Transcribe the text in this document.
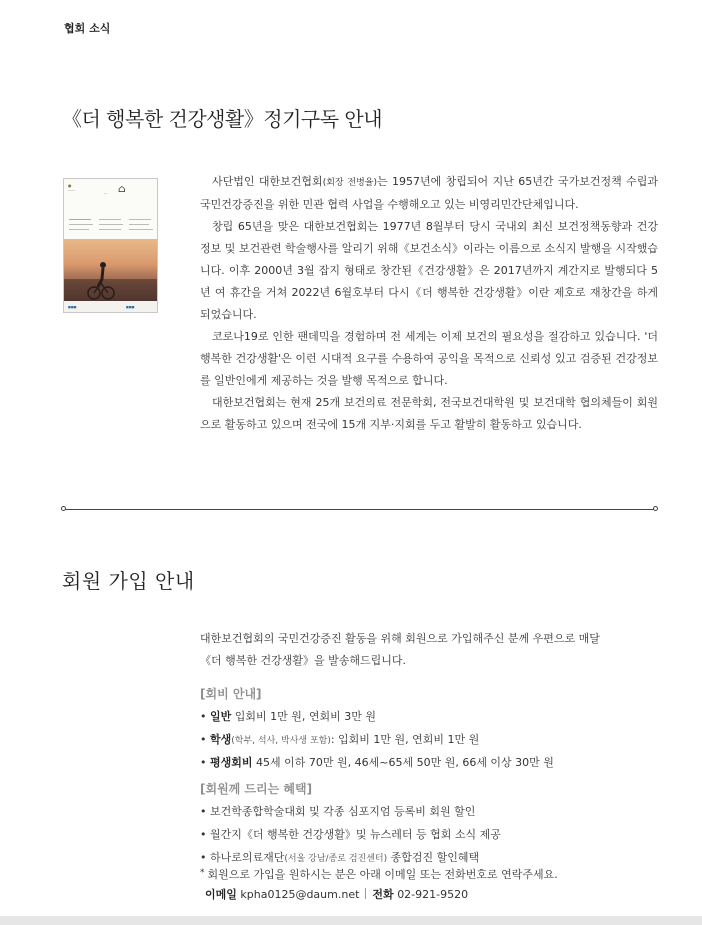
협회 소식
《더 행복한 건강생활》정기구독 안내
●
────	― ⌂
■■■	■■■

사단법인 대한보건협회(회장 전병율)는 1957년에 창립되어 지난 65년간 국가보건정책 수립과 국민건강증진을 위한 민관 협력 사업을 수행해오고 있는 비영리민간단체입니다.

창립 65년을 맞은 대한보건협회는 1977년 8월부터 당시 국내외 최신 보건정책동향과 건강 정보 및 보건관련 학술행사를 알리기 위해《보건소식》이라는 이름으로 소식지 발행을 시작했습니다. 이후 2000년 3월 잡지 형태로 창간된《건강생활》은 2017년까지 계간지로 발행되다 5년 여 휴간을 거쳐 2022년 6월호부터 다시《더 행복한 건강생활》이란 제호로 재창간을 하게 되었습니다.

코로나19로 인한 팬데믹을 경험하며 전 세계는 이제 보건의 필요성을 절감하고 있습니다. '더 행복한 건강생활'은 이런 시대적 요구를 수용하여 공익을 목적으로 신뢰성 있고 검증된 건강정보를 일반인에게 제공하는 것을 발행 목적으로 합니다.

대한보건협회는 현재 25개 보건의료 전문학회, 전국보건대학원 및 보건대학 협의체들이 회원으로 활동하고 있으며 전국에 15개 지부·지회를 두고 활발히 활동하고 있습니다.

회원 가입 안내

대한보건협회의 국민건강증진 활동을 위해 회원으로 가입해주신 분께 우편으로 매달

《더 행복한 건강생활》을 발송해드립니다.

[회비 안내]
• 일반 입회비 1만 원, 연회비 3만 원
• 학생(학부, 석사, 박사생 포함): 입회비 1만 원, 연회비 1만 원
• 평생회비 45세 이하 70만 원, 46세~65세 50만 원, 66세 이상 30만 원
[회원께 드리는 혜택]
• 보건학종합학술대회 및 각종 심포지엄 등록비 회원 할인
• 월간지《더 행복한 건강생활》및 뉴스레터 등 협회 소식 제공
• 하나로의료재단(서울 강남/종로 검진센터) 종합검진 할인혜택
* 회원으로 가입을 원하시는 분은 아래 이메일 또는 전화번호로 연락주세요.
이메일 kpha0125@daum.net 전화 02-921-9520
